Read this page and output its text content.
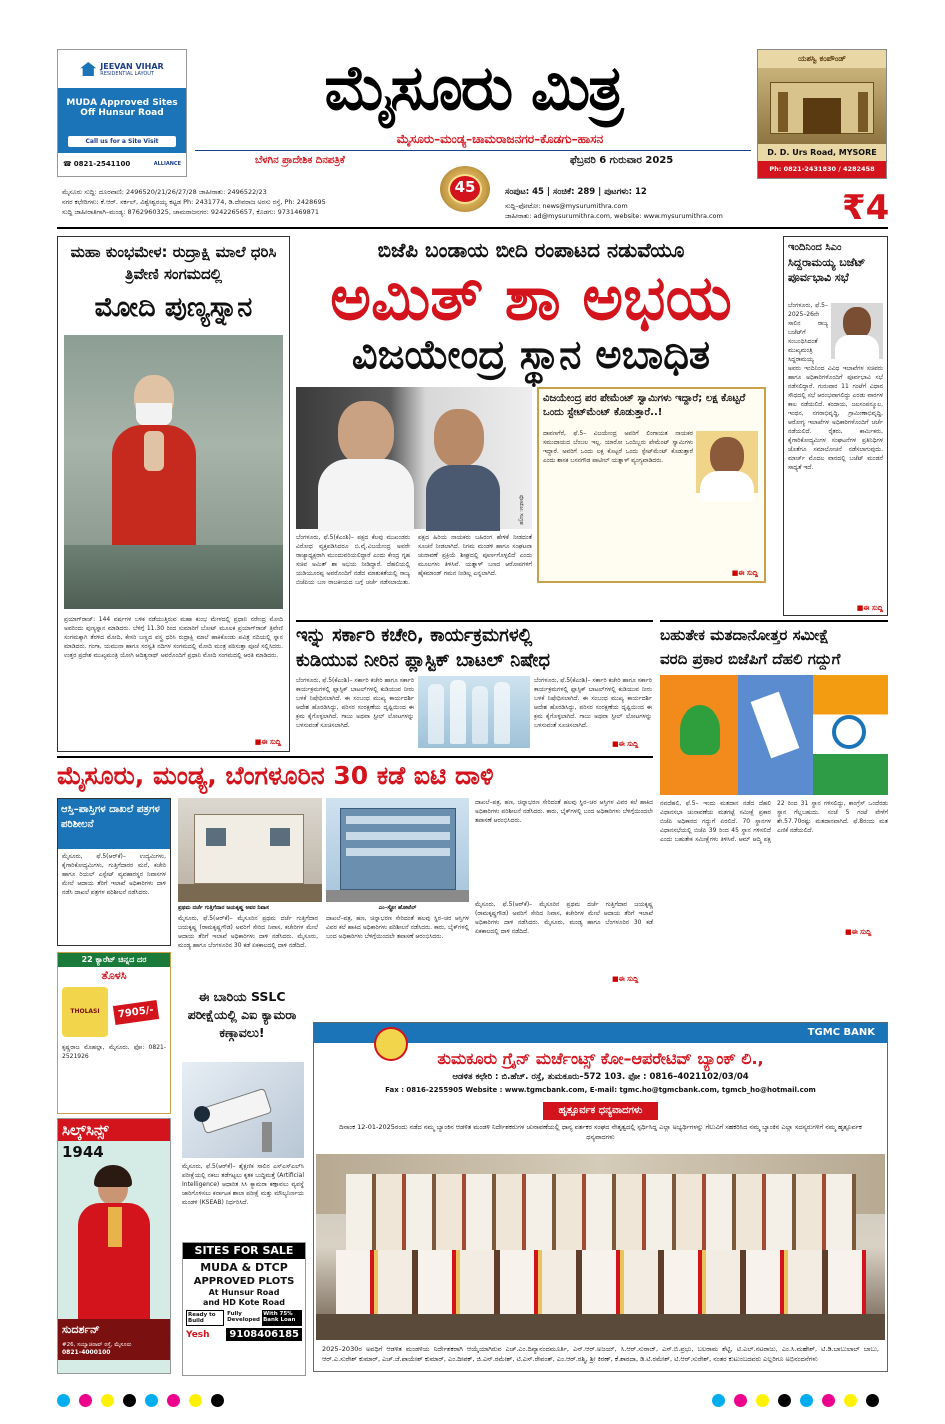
JEEVAN VIHAR
RESIDENTIAL LAYOUT
MUDA Approved Sites
Off Hunsur Road
Call us for a Site Visit
☎ 0821-2541100	ALLIANCE
ಮೈಸೂರು ಮಿತ್ರ
ಮೈಸೂರು–ಮಂಡ್ಯ–ಚಾಮರಾಜನಗರ–ಕೊಡಗು–ಹಾಸನ
ಬೆಳಗಿನ ಪ್ರಾದೇಶಿಕ ದಿನಪತ್ರಿಕೆ	ಫೆಬ್ರವರಿ 6 ಗುರುವಾರ 2025
45
ಮೈಸೂರು ಸುದ್ದಿ: ದೂರವಾಣಿ: 2496520/21/26/27/28 ಜಾಹೀರಾತು: 2496522/23
ನಗರ ಕಛೇರಿಗಳು: ಕೆ.ಆರ್. ಸರ್ಕಲ್, ವಿಶ್ವೇಶ್ವರಯ್ಯ ಕಟ್ಟಡ Ph: 2431774, ಡಿ.ದೇವರಾಜ ಅರಸು ರಸ್ತೆ, Ph: 2428695
ಸುದ್ದಿ ಜಾಹೀರಾತಿಗಾಗಿ–ಮಂಡ್ಯ: 8762960325, ಚಾಮರಾಜನಗರ: 9242265657, ಕೊಡಗು: 9731469871
ಸಂಪುಟ: 45 | ಸಂಚಿಕೆ: 289 | ಪುಟಗಳು: 12
ಸುದ್ದಿ–ಫೋಟೋ: news@mysurumithra.com
ಜಾಹೀರಾತು: ad@mysurumithra.com, website: www.mysurumithra.com	₹4
ಯಶಸ್ವಿ ಕಂಪೌಂಡ್
D. D. Urs Road, MYSORE
Ph: 0821-2431830 / 4282458
ಮಹಾ ಕುಂಭಮೇಳ: ರುದ್ರಾಕ್ಷಿ ಮಾಲೆ ಧರಿಸಿ ತ್ರಿವೇಣಿ ಸಂಗಮದಲ್ಲಿ
ಮೋದಿ ಪುಣ್ಯಸ್ನಾನ
ಪ್ರಯಾಗ್‌ರಾಜ್: 144 ವರ್ಷಗಳ ಬಳಿಕ ನಡೆಯುತ್ತಿರುವ ಮಹಾ ಕುಂಭ ಮೇಳದಲ್ಲಿ ಪ್ರಧಾನಿ ನರೇಂದ್ರ ಮೋದಿ ಅವರಿಂದು ಪುಣ್ಯಸ್ನಾನ ಮಾಡಿದರು. ಬೆಳಿಗ್ಗೆ 11.30 ರಿಂದ ಸುಮಾರಿಗೆ ಬೋಟ್ ಮೂಲಕ ಪ್ರಯಾಗ್‌ರಾಜ್ ತ್ರಿವೇಣಿ ಸಂಗಮಕ್ಕಾಗಿ ತೆರಳಿದ ಮೋದಿ, ಕೇಸರಿ ಬಣ್ಣದ ವಸ್ತ್ರ ಧರಿಸಿ ರುದ್ರಾಕ್ಷಿ ಮಾಲೆ ಹಾಕಿಕೊಂಡು ಪವಿತ್ರ ನದಿಯಲ್ಲಿ ಸ್ನಾನ ಮಾಡಿದರು. ಗಂಗಾ, ಯಮುನಾ ಹಾಗೂ ಸರಸ್ವತಿ ನದಿಗಳ ಸಂಗಮದಲ್ಲಿ ಮೋದಿ ಮಂತ್ರ ಪಠಿಸುತ್ತಾ ಪೂಜೆ ಸಲ್ಲಿಸಿದರು. ಉತ್ತರ ಪ್ರದೇಶ ಮುಖ್ಯಮಂತ್ರಿ ಯೋಗಿ ಆದಿತ್ಯನಾಥ್ ಅವರೊಂದಿಗೆ ಪ್ರಧಾನಿ ಮೋದಿ ಸಂಗಮದಲ್ಲಿ ಆರತಿ ಮಾಡಿದರು.
■ಈ ಸುದ್ದಿ
ಬಿಜೆಪಿ ಬಂಡಾಯ ಬೀದಿ ರಂಪಾಟದ ನಡುವೆಯೂ
ಅಮಿತ್ ಶಾ ಅಭಯ
ವಿಜಯೇಂದ್ರ ಸ್ಥಾನ ಅಬಾಧಿತ
ಫೋಟೋ: ಸಂಗ್ರಹ
ಬೆಂಗಳೂರು, ಫೆ.5(ಕೆಎಂಶಿ)– ಪಕ್ಷದ ಕೆಲವು ಮುಖಂಡರು ವಿರೋಧ ವ್ಯಕ್ತಪಡಿಸಿದರೂ ಬಿ.ವೈ.ವಿಜಯೇಂದ್ರ ಅವರೇ ರಾಜ್ಯಾಧ್ಯಕ್ಷರಾಗಿ ಮುಂದುವರಿಯಲಿದ್ದಾರೆ ಎಂದು ಕೇಂದ್ರ ಗೃಹ ಸಚಿವ ಅಮಿತ್ ಶಾ ಅಭಯ ನೀಡಿದ್ದಾರೆ. ದೆಹಲಿಯಲ್ಲಿ ಯಡಿಯೂರಪ್ಪ ಅವರೊಂದಿಗೆ ನಡೆದ ಮಾತುಕತೆಯಲ್ಲಿ ರಾಜ್ಯ ಬಿಜೆಪಿಯ ಬಣ ರಾಜಕೀಯದ ಬಗ್ಗೆ ಚರ್ಚೆ ನಡೆಸಲಾಯಿತು. ಪಕ್ಷದ ಹಿರಿಯ ನಾಯಕರು ಬಹಿರಂಗ ಹೇಳಿಕೆ ನೀಡದಂತೆ ಸೂಚನೆ ನೀಡಲಾಗಿದೆ. ನಿಗಮ ಮಂಡಳಿ ಹಾಗೂ ಸಂಘಟನಾ ಚುನಾವಣೆ ಪ್ರಕ್ರಿಯೆ ಶೀಘ್ರದಲ್ಲಿ ಪೂರ್ಣಗೊಳ್ಳಲಿದೆ ಎಂದು ಮೂಲಗಳು ತಿಳಿಸಿವೆ. ಯತ್ನಾಳ್ ಬಣದ ಆರೋಪಗಳಿಗೆ ಹೈಕಮಾಂಡ್ ಗಮನ ನೀಡಿಲ್ಲ ಎನ್ನಲಾಗಿದೆ.
ವಿಜಯೇಂದ್ರ ಪರ ಪೇಮೆಂಟ್ ಸ್ವಾಮಿಗಳು ಇದ್ದಾರೆ; ಲಕ್ಷ ಕೊಟ್ಟರೆ ಒಂದು ಸ್ಟೇಟ್‌ಮೆಂಟ್ ಕೊಡುತ್ತಾರೆ..!
ದಾವಣಗೆರೆ, ಫೆ.5– ವಿಜಯೇಂದ್ರ ಅವರಿಗೆ ಲಿಂಗಾಯತ ನಾಯಕರ ಸಮುದಾಯದ ಬೆಂಬಲ ಇಲ್ಲ. ಯಾರೋ ಒಂದಿಬ್ಬರು ಪೇಮೆಂಟ್ ಸ್ವಾಮಿಗಳು ಇದ್ದಾರೆ. ಅವರಿಗೆ ಒಂದು ಲಕ್ಷ ಕೊಟ್ಟರೆ ಒಂದು ಸ್ಟೇಟ್‌ಮೆಂಟ್ ಕೊಡುತ್ತಾರೆ ಎಂದು ಶಾಸಕ ಬಸನಗೌಡ ಪಾಟೀಲ್ ಯತ್ನಾಳ್ ವ್ಯಂಗ್ಯವಾಡಿದರು.
■ಈ ಸುದ್ದಿ
ಇಂದಿನಿಂದ ಸಿಎಂ
ಸಿದ್ದರಾಮಯ್ಯ ಬಜೆಟ್ ಪೂರ್ವಭಾವಿ ಸಭೆ
ಬೆಂಗಳೂರು, ಫೆ.5– 2025–26ನೇ ಸಾಲಿನ ರಾಜ್ಯ ಬಜೆಟ್‌ಗೆ ಸಂಬಂಧಿಸಿದಂತೆ ಮುಖ್ಯಮಂತ್ರಿ ಸಿದ್ದರಾಮಯ್ಯ ಅವರು ಇಂದಿನಿಂದ ವಿವಿಧ ಇಲಾಖೆಗಳ ಸಚಿವರು ಹಾಗೂ ಅಧಿಕಾರಿಗಳೊಂದಿಗೆ ಪೂರ್ವಭಾವಿ ಸಭೆ ನಡೆಸಲಿದ್ದಾರೆ. ಗುರುವಾರ 11 ಗಂಟೆಗೆ ವಿಧಾನ ಸೌಧದಲ್ಲಿ ಸಭೆ ಆರಂಭವಾಗಲಿದ್ದು ಎರಡು ವಾರಗಳ ಕಾಲ ನಡೆಯಲಿದೆ. ಕಂದಾಯ, ಜಲಸಂಪನ್ಮೂಲ, ಇಂಧನ, ನಗರಾಭಿವೃದ್ಧಿ, ಗ್ರಾಮೀಣಾಭಿವೃದ್ಧಿ, ಆರೋಗ್ಯ ಇಲಾಖೆಗಳ ಅಧಿಕಾರಿಗಳೊಂದಿಗೆ ಚರ್ಚೆ ನಡೆಯಲಿದೆ. ರೈತರು, ಕಾರ್ಮಿಕರು, ಕೈಗಾರಿಕೋದ್ಯಮಿಗಳ ಸಂಘಟನೆಗಳ ಪ್ರತಿನಿಧಿಗಳ ಜೊತೆಗೂ ಸಮಾಲೋಚನೆ ನಡೆಸಲಾಗುವುದು. ಮಾರ್ಚ್ ಮೊದಲ ವಾರದಲ್ಲಿ ಬಜೆಟ್ ಮಂಡನೆ ಸಾಧ್ಯತೆ ಇದೆ.
■ಈ ಸುದ್ದಿ
ಇನ್ನು ಸರ್ಕಾರಿ ಕಚೇರಿ, ಕಾರ್ಯಕ್ರಮಗಳಲ್ಲಿ
ಕುಡಿಯುವ ನೀರಿನ ಪ್ಲಾಸ್ಟಿಕ್ ಬಾಟಲ್ ನಿಷೇಧ
ಬೆಂಗಳೂರು, ಫೆ.5(ಕೆಎಂಶಿ)– ಸರ್ಕಾರಿ ಕಚೇರಿ ಹಾಗೂ ಸರ್ಕಾರಿ ಕಾರ್ಯಕ್ರಮಗಳಲ್ಲಿ ಪ್ಲಾಸ್ಟಿಕ್ ಬಾಟಲ್‌ಗಳಲ್ಲಿ ಕುಡಿಯುವ ನೀರು ಬಳಕೆ ನಿಷೇಧಿಸಲಾಗಿದೆ. ಈ ಸಂಬಂಧ ಮುಖ್ಯ ಕಾರ್ಯದರ್ಶಿ ಆದೇಶ ಹೊರಡಿಸಿದ್ದು, ಪರಿಸರ ಸಂರಕ್ಷಣೆಯ ದೃಷ್ಟಿಯಿಂದ ಈ ಕ್ರಮ ಕೈಗೊಳ್ಳಲಾಗಿದೆ. ಗಾಜು ಅಥವಾ ಸ್ಟೀಲ್ ಲೋಟಗಳನ್ನು ಬಳಸುವಂತೆ ಸೂಚಿಸಲಾಗಿದೆ.
ಬೆಂಗಳೂರು, ಫೆ.5(ಕೆಎಂಶಿ)– ಸರ್ಕಾರಿ ಕಚೇರಿ ಹಾಗೂ ಸರ್ಕಾರಿ ಕಾರ್ಯಕ್ರಮಗಳಲ್ಲಿ ಪ್ಲಾಸ್ಟಿಕ್ ಬಾಟಲ್‌ಗಳಲ್ಲಿ ಕುಡಿಯುವ ನೀರು ಬಳಕೆ ನಿಷೇಧಿಸಲಾಗಿದೆ. ಈ ಸಂಬಂಧ ಮುಖ್ಯ ಕಾರ್ಯದರ್ಶಿ ಆದೇಶ ಹೊರಡಿಸಿದ್ದು, ಪರಿಸರ ಸಂರಕ್ಷಣೆಯ ದೃಷ್ಟಿಯಿಂದ ಈ ಕ್ರಮ ಕೈಗೊಳ್ಳಲಾಗಿದೆ. ಗಾಜು ಅಥವಾ ಸ್ಟೀಲ್ ಲೋಟಗಳನ್ನು ಬಳಸುವಂತೆ ಸೂಚಿಸಲಾಗಿದೆ.
■ಈ ಸುದ್ದಿ
ಬಹುತೇಕ ಮತದಾನೋತ್ತರ ಸಮೀಕ್ಷೆ
ವರದಿ ಪ್ರಕಾರ ಬಿಜೆಪಿಗೆ ದೆಹಲಿ ಗದ್ದುಗೆ
ನವದೆಹಲಿ, ಫೆ.5– ಇಂದು ಮತದಾನ ನಡೆದ ದೆಹಲಿ ವಿಧಾನಸಭಾ ಚುನಾವಣೆಯ ಮತಗಟ್ಟೆ ಸಮೀಕ್ಷೆ ಪ್ರಕಾರ ಬಿಜೆಪಿ ಅಧಿಕಾರದ ಗದ್ದುಗೆ ಏರಲಿದೆ. 70 ಸ್ಥಾನಗಳ ವಿಧಾನಸಭೆಯಲ್ಲಿ ಬಿಜೆಪಿ 39 ರಿಂದ 45 ಸ್ಥಾನ ಗಳಿಸಲಿದೆ ಎಂದು ಬಹುತೇಕ ಸಮೀಕ್ಷೆಗಳು ತಿಳಿಸಿವೆ. ಆಮ್ ಆದ್ಮಿ ಪಕ್ಷ 22 ರಿಂದ 31 ಸ್ಥಾನ ಗಳಿಸಲಿದ್ದು, ಕಾಂಗ್ರೆಸ್ ಒಂದೆರಡು ಸ್ಥಾನ ಗೆಲ್ಲಬಹುದು. ಸಂಜೆ 5 ಗಂಟೆ ವೇಳೆಗೆ ಶೇ.57.70ರಷ್ಟು ಮತದಾನವಾಗಿದೆ. ಫೆ.8ರಂದು ಮತ ಎಣಿಕೆ ನಡೆಯಲಿದೆ.
■ಈ ಸುದ್ದಿ
ಮೈಸೂರು, ಮಂಡ್ಯ, ಬೆಂಗಳೂರಿನ 30 ಕಡೆ ಐಟಿ ದಾಳಿ
ಆಸ್ತಿ–ಪಾಸ್ತಿಗಳ ದಾಖಲೆ ಪತ್ರಗಳ ಪರಿಶೀಲನೆ
ಮೈಸೂರು, ಫೆ.5(ಆರ್‌ಕೆ)– ಉದ್ಯಮಿಗಳು, ಕೈಗಾರಿಕೋದ್ಯಮಿಗಳು, ಗುತ್ತಿಗೆದಾರರ ಮನೆ, ಕಚೇರಿ ಹಾಗೂ ರಿಯಲ್ ಎಸ್ಟೇಟ್ ವ್ಯವಹಾರಸ್ಥರ ನಿವಾಸಗಳ ಮೇಲೆ ಆದಾಯ ತೆರಿಗೆ ಇಲಾಖೆ ಅಧಿಕಾರಿಗಳು ದಾಳಿ ನಡೆಸಿ ದಾಖಲೆ ಪತ್ರಗಳ ಪರಿಶೀಲನೆ ನಡೆಸಿದರು.
ಪ್ರಥಮ ದರ್ಜೆ ಗುತ್ತಿಗೆದಾರ ಜಯಕೃಷ್ಣ ಅವರ ನಿವಾಸ	ಎಂ–ಸ್ಟ್ರೋ ಹೋಟೆಲ್
ಮೈಸೂರು, ಫೆ.5(ಆರ್‌ಕೆ)– ಮೈಸೂರಿನ ಪ್ರಥಮ ದರ್ಜೆ ಗುತ್ತಿಗೆದಾರ ಜಯಕೃಷ್ಣ (ರಾಮಕೃಷ್ಣಗೌಡ) ಅವರಿಗೆ ಸೇರಿದ ನಿವಾಸ, ಕಚೇರಿಗಳ ಮೇಲೆ ಆದಾಯ ತೆರಿಗೆ ಇಲಾಖೆ ಅಧಿಕಾರಿಗಳು ದಾಳಿ ನಡೆಸಿದರು. ಮೈಸೂರು, ಮಂಡ್ಯ ಹಾಗೂ ಬೆಂಗಳೂರಿನ 30 ಕಡೆ ಏಕಕಾಲದಲ್ಲಿ ದಾಳಿ ನಡೆದಿದೆ.
ದಾಖಲೆ–ಪತ್ರ, ಹಣ, ಚಿನ್ನಾಭರಣ ಸೇರಿದಂತೆ ಹಲವು ಸ್ಥಿರ–ಚರ ಆಸ್ತಿಗಳ ವಿವರ ಕಲೆ ಹಾಕಿದ ಅಧಿಕಾರಿಗಳು ಪರಿಶೀಲನೆ ನಡೆಸಿದರು. ಕಾರು, ಬೈಕ್‌ಗಳಲ್ಲಿ ಬಂದ ಅಧಿಕಾರಿಗಳು ಬೆಳಿಗ್ಗೆಯಿಂದಲೇ ತಪಾಸಣೆ ಆರಂಭಿಸಿದರು.
ದಾಖಲೆ–ಪತ್ರ, ಹಣ, ಚಿನ್ನಾಭರಣ ಸೇರಿದಂತೆ ಹಲವು ಸ್ಥಿರ–ಚರ ಆಸ್ತಿಗಳ ವಿವರ ಕಲೆ ಹಾಕಿದ ಅಧಿಕಾರಿಗಳು ಪರಿಶೀಲನೆ ನಡೆಸಿದರು. ಕಾರು, ಬೈಕ್‌ಗಳಲ್ಲಿ ಬಂದ ಅಧಿಕಾರಿಗಳು ಬೆಳಿಗ್ಗೆಯಿಂದಲೇ ತಪಾಸಣೆ ಆರಂಭಿಸಿದರು.
ಮೈಸೂರು, ಫೆ.5(ಆರ್‌ಕೆ)– ಮೈಸೂರಿನ ಪ್ರಥಮ ದರ್ಜೆ ಗುತ್ತಿಗೆದಾರ ಜಯಕೃಷ್ಣ (ರಾಮಕೃಷ್ಣಗೌಡ) ಅವರಿಗೆ ಸೇರಿದ ನಿವಾಸ, ಕಚೇರಿಗಳ ಮೇಲೆ ಆದಾಯ ತೆರಿಗೆ ಇಲಾಖೆ ಅಧಿಕಾರಿಗಳು ದಾಳಿ ನಡೆಸಿದರು. ಮೈಸೂರು, ಮಂಡ್ಯ ಹಾಗೂ ಬೆಂಗಳೂರಿನ 30 ಕಡೆ ಏಕಕಾಲದಲ್ಲಿ ದಾಳಿ ನಡೆದಿದೆ.
■ಈ ಸುದ್ದಿ
22 ಕ್ಯಾರೆಟ್ ಚಿನ್ನದ ದರ
ತೊಳಸಿ
THOLASI	7905/-
ಕೃಷ್ಣರಾಜ ಮೊಹಲ್ಲಾ, ಮೈಸೂರು. ಫೋ: 0821-2521926
ಸಿಲ್ಕ್‌ಸಿನ್ಸ್
1944
ಸುದರ್ಶನ್
#26, ಸಯ್ಯಾಜಿರಾವ್ ರಸ್ತೆ, ಮೈಸೂರು
0821-4000100
ಈ ಬಾರಿಯ SSLC ಪರೀಕ್ಷೆಯಲ್ಲಿ ಎಐ ಕ್ಯಾಮರಾ ಕಣ್ಗಾವಲು!
ಮೈಸೂರು, ಫೆ.5(ಆರ್‌ಕೆ)– ಶೈಕ್ಷಣಿಕ ಸಾಲಿನ ಎಸ್‌ಎಸ್‌ಎಲ್‌ಸಿ ಪರೀಕ್ಷೆಯಲ್ಲಿ ನಕಲು ತಡೆಗಟ್ಟಲು ಕೃತಕ ಬುದ್ಧಿಮತ್ತೆ (Artificial Intelligence) ಆಧಾರಿತ ಸಿಸಿ ಕ್ಯಾಮರಾ ಕಣ್ಗಾವಲು ವ್ಯವಸ್ಥೆ ಜಾರಿಗೊಳಿಸಲು ಕರ್ನಾಟಕ ಶಾಲಾ ಪರೀಕ್ಷೆ ಮತ್ತು ಮೌಲ್ಯನಿರ್ಣಯ ಮಂಡಳಿ (KSEAB) ನಿರ್ಧರಿಸಿದೆ.
SITES FOR SALE
MUDA & DTCP
APPROVED PLOTS
At Hunsur Road
and HD Kote Road
Ready to Build
Fully Developed
With 75% Bank Loan
Yesh	9108406185
TGMC BANK
ತುಮಕೂರು ಗ್ರೈನ್ ಮರ್ಚೆಂಟ್ಸ್ ಕೋ–ಆಪರೇಟಿವ್ ಬ್ಯಾಂಕ್ ಲಿ.,
ಆಡಳಿತ ಕಛೇರಿ : ಬಿ.ಹೆಚ್. ರಸ್ತೆ, ತುಮಕೂರು–572 103. ಫೋ : 0816–4021102/03/04
Fax : 0816-2255905 Website : www.tgmcbank.com, E-mail: tgmc.ho@tgmcbank.com, tgmcb_ho@hotmail.com
ಹೃತ್ಪೂರ್ವಕ ಧನ್ಯವಾದಗಳು
ದಿನಾಂಕ 12-01-2025ರಂದು ನಡೆದ ನಮ್ಮ ಬ್ಯಾಂಕಿನ ಆಡಳಿತ ಮಂಡಳಿ ನಿರ್ದೇಶಕರುಗಳ ಚುನಾವಣೆಯಲ್ಲಿ ಧಾನ್ಯ ವರ್ತಕರ ಸಂಘದ ನೇತೃತ್ವದಲ್ಲಿ ಸ್ಪರ್ಧಿಸಿದ್ದ ಎಲ್ಲಾ ಅಭ್ಯರ್ಥಿಗಳನ್ನು ಗೆಲುವಿಗೆ ಸಹಕರಿಸಿದ ನಮ್ಮ ಬ್ಯಾಂಕಿನ ಎಲ್ಲಾ ಸದಸ್ಯರುಗಳಿಗೆ ನಮ್ಮ ಹೃತ್ಪೂರ್ವಕ ಧನ್ಯವಾದಗಳು
2025–2030ರ ಅವಧಿಗೆ ಆಡಳಿತ ಮಂಡಳಿಯ ನಿರ್ದೇಶಕರಾಗಿ ಆಯ್ಕೆಯಾಗಿರುವ ಎಚ್.ಎಂ.ದಿವ್ಯಾನಂದಮೂರ್ತಿ, ಎನ್.ಆರ್.ಅಜಯ್, ಸಿ.ಆರ್.ಸುರಾಜ್, ಎಸ್.ಬಿ.ಪ್ರಭು, ಬಲರಾಮ ಶೆಟ್ಟಿ, ಟಿ.ಎಲ್.ನಟರಾಜು, ಎಂ.ಸಿ.ಮಹೇಶ್, ಟಿ.ಡಿ.ಬಾಬುಲಾಲ್ ಬಾಬು, ಆರ್.ಎ.ಸುರೇಶ್ ಕುಮಾರ್, ಎಚ್.ಜೆ.ಪಾಯೇಶ್ ಕುಮಾರ್, ಎಂ.ದೀಪಕ್, ಜಿ.ಎನ್.ರಮೇಶ್, ಟಿ.ಎಸ್.ರೇವಂತ್, ಎಂ.ಆರ್.ರಶ್ಮಿ, ಶ್ರೀ ಕಿರಣ್, ಕೆ.ಶಾರದಾ, ಡಿ.ಟಿ.ರಮೇಶ್, ಟಿ.ಆರ್.ಸುರೇಶ್, ನಂತರ ಕುಟುಂಬದವರು ಎಲ್ಲರಿಗೂ ಅಭಿನಂದನೆಗಳು
